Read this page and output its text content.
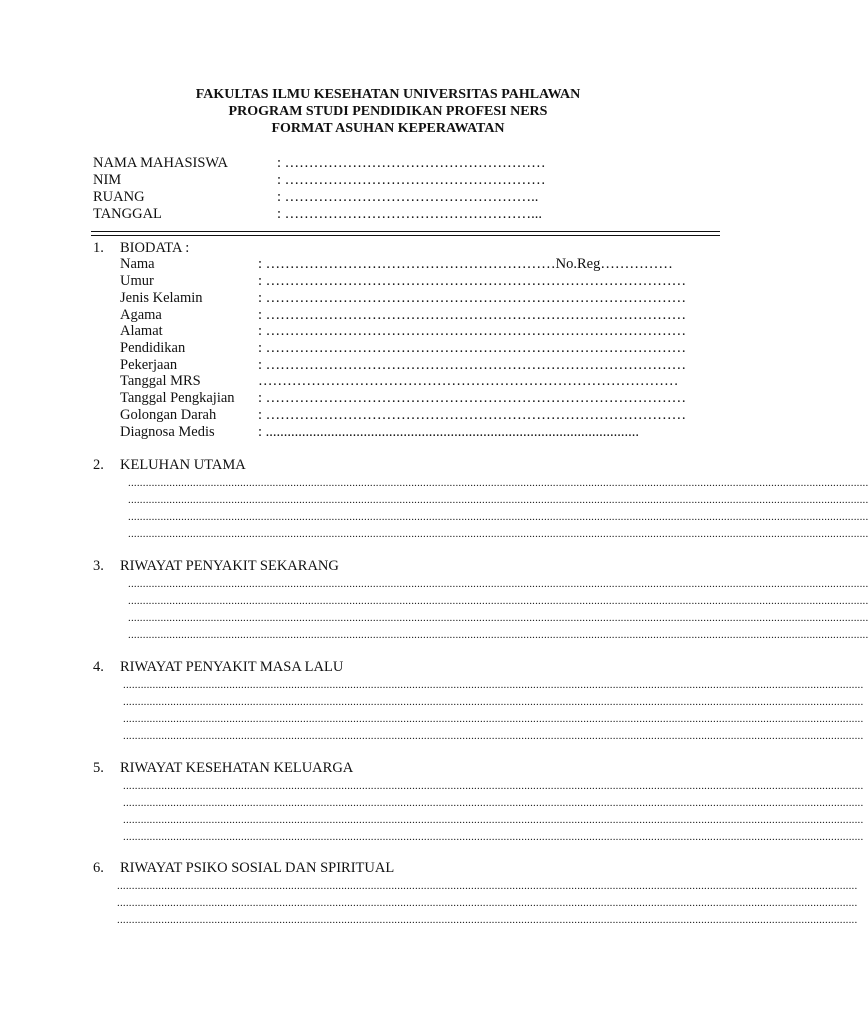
FAKULTAS ILMU KESEHATAN UNIVERSITAS PAHLAWAN
PROGRAM STUDI PENDIDIKAN PROFESI NERS
FORMAT ASUHAN KEPERAWATAN
NAMA MAHASISWA	: ………………………………………………
NIM	: ………………………………………………
RUANG	: ……………………………………………..
TANGGAL	: ……………………………………………...
1. BIODATA :
Nama	: ……………………………………………………No.Reg……………
Umur	: ……………………………………………………………………………
Jenis Kelamin	: ……………………………………………………………………………
Agama	: ……………………………………………………………………………
Alamat	: ……………………………………………………………………………
Pendidikan	: ……………………………………………………………………………
Pekerjaan	: ……………………………………………………………………………
Tanggal MRS	……………………………………………………………………………
Tanggal Pengkajian : ……………………………………………………………………………
Golongan Darah	: ……………………………………………………………………………
Diagnosa Medis	: .......................................................................................................
2. KELUHAN UTAMA
...........................................................................................................................................................................................................................................................
...........................................................................................................................................................................................................................................................
...........................................................................................................................................................................................................................................................
...........................................................................................................................................................................................................................................................
3. RIWAYAT PENYAKIT SEKARANG
...........................................................................................................................................................................................................................................................
...........................................................................................................................................................................................................................................................
...........................................................................................................................................................................................................................................................
...........................................................................................................................................................................................................................................................
4. RIWAYAT PENYAKIT MASA LALU
...........................................................................................................................................................................................................................................................
...........................................................................................................................................................................................................................................................
...........................................................................................................................................................................................................................................................
...........................................................................................................................................................................................................................................................
5. RIWAYAT KESEHATAN KELUARGA
...........................................................................................................................................................................................................................................................
...........................................................................................................................................................................................................................................................
...........................................................................................................................................................................................................................................................
...........................................................................................................................................................................................................................................................
6. RIWAYAT PSIKO SOSIAL DAN SPIRITUAL
...........................................................................................................................................................................................................................................................
...........................................................................................................................................................................................................................................................
...........................................................................................................................................................................................................................................................
